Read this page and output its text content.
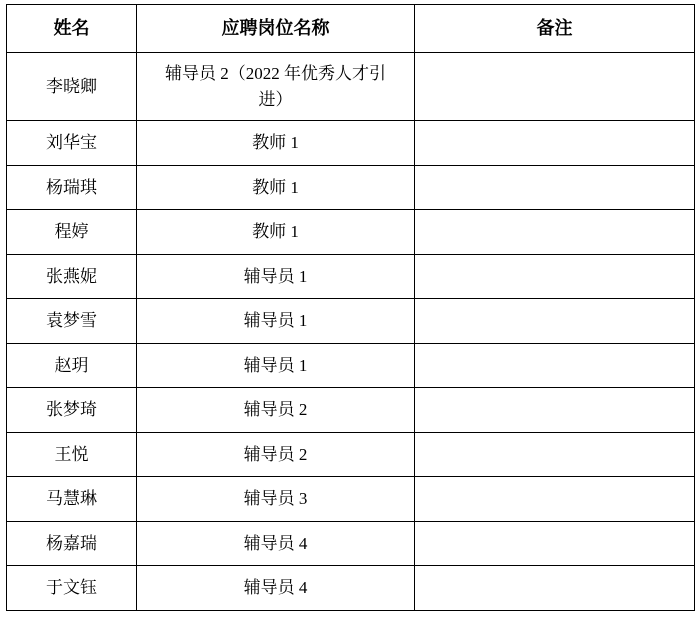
姓名	应聘岗位名称	备注
李晓卿	辅导员 2（2022 年优秀人才引进）	

刘华宝	教师 1	
杨瑞琪	教师 1	
程婷	教师 1	
张燕妮	辅导员 1	
袁梦雪	辅导员 1	
赵玥	辅导员 1	
张梦琦	辅导员 2	
王悦	辅导员 2	
马慧琳	辅导员 3	
杨嘉瑞	辅导员 4	
于文钰	辅导员 4	
